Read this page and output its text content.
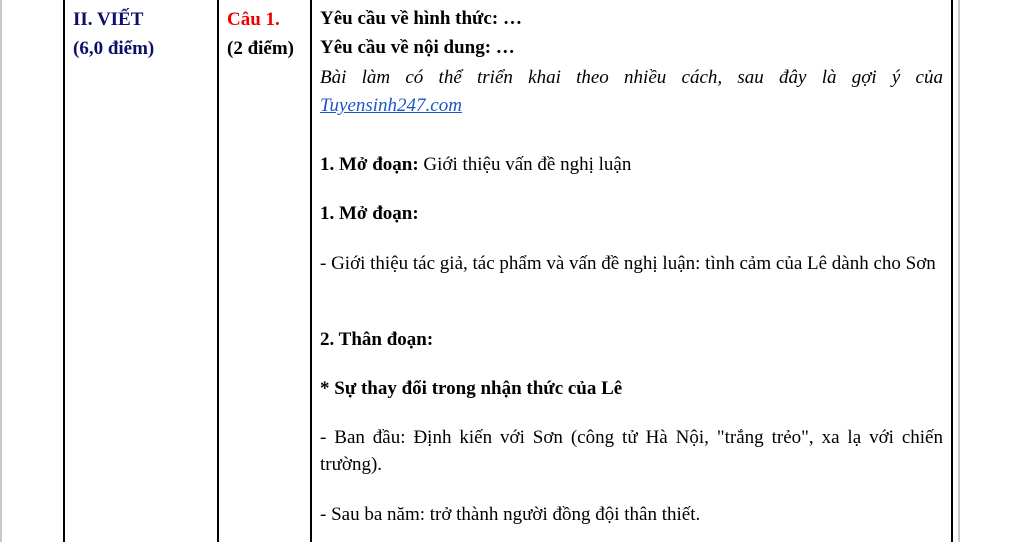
II. VIẾT
(6,0 điểm)
Câu 1.
(2 điểm)
Yêu cầu về hình thức: …
Yêu cầu về nội dung: …
Bài làm có thể triển khai theo nhiều cách, sau đây là gợi ý của
Tuyensinh247.com
1. Mở đoạn: Giới thiệu vấn đề nghị luận
1. Mở đoạn:
- Giới thiệu tác giả, tác phẩm và vấn đề nghị luận: tình cảm của Lê dành cho Sơn
2. Thân đoạn:
* Sự thay đổi trong nhận thức của Lê
- Ban đầu: Định kiến với Sơn (công tử Hà Nội, "trắng trẻo", xa lạ với chiến trường).
- Sau ba năm: trở thành người đồng đội thân thiết.
